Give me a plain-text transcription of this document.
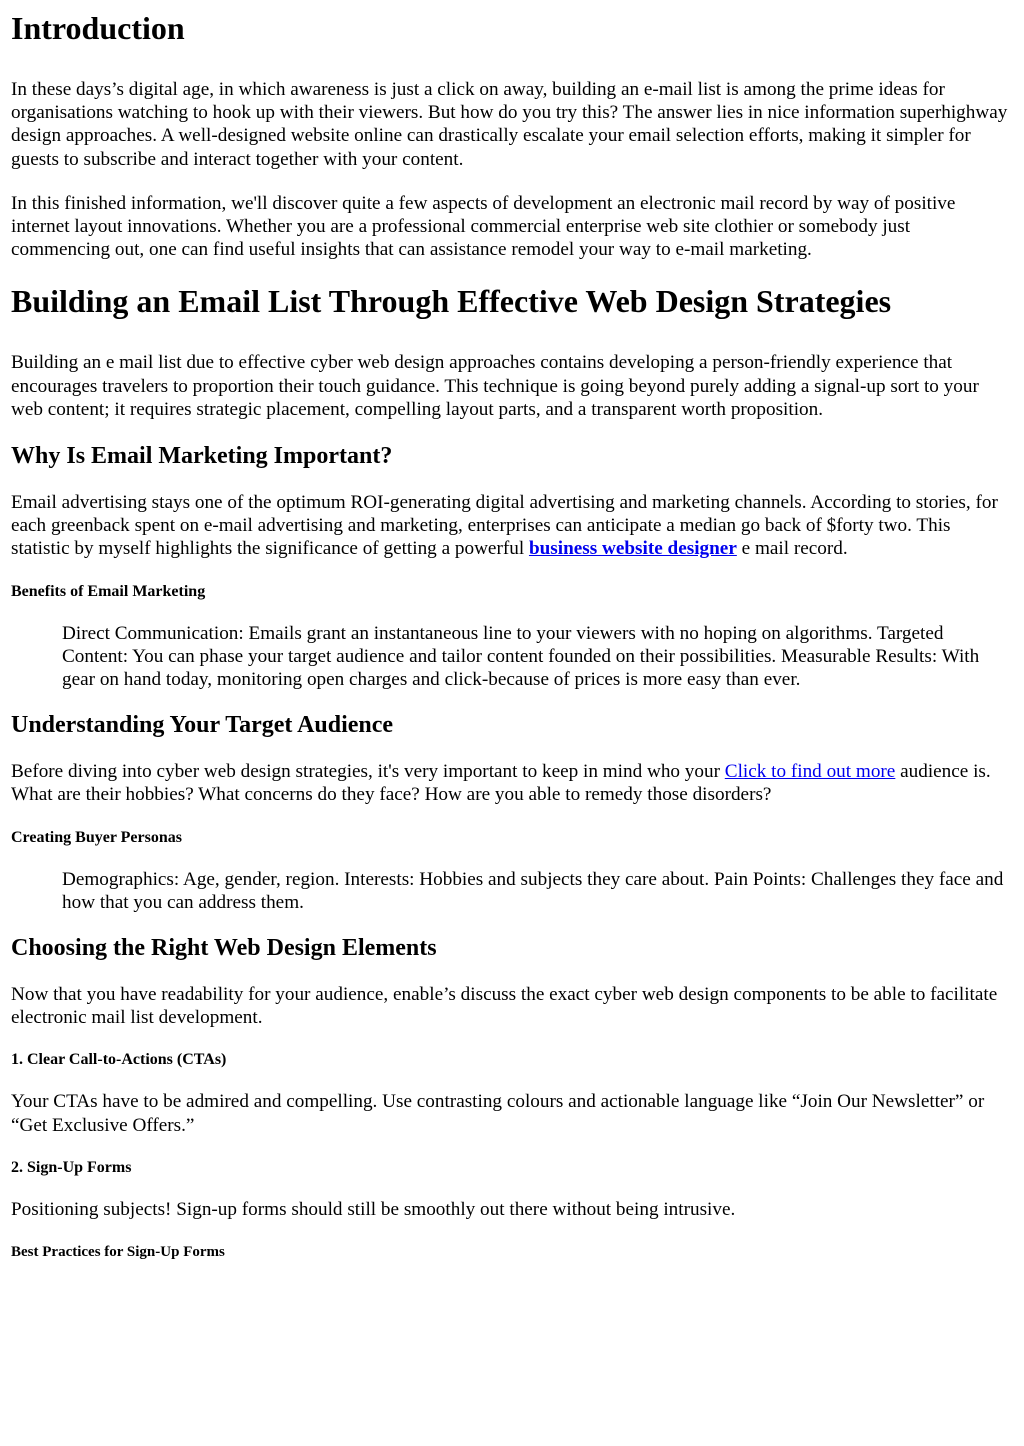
Introduction

In these days’s digital age, in which awareness is just a click on away, building an e-mail list is among the prime ideas for organisations watching to hook up with their viewers. But how do you try this? The answer lies in nice information superhighway design approaches. A well-designed website online can drastically escalate your email selection efforts, making it simpler for guests to subscribe and interact together with your content.

In this finished information, we'll discover quite a few aspects of development an electronic mail record by way of positive internet layout innovations. Whether you are a professional commercial enterprise web site clothier or somebody just commencing out, one can find useful insights that can assistance remodel your way to e-mail marketing.

Building an Email List Through Effective Web Design Strategies

Building an e mail list due to effective cyber web design approaches contains developing a person-friendly experience that encourages travelers to proportion their touch guidance. This technique is going beyond purely adding a signal-up sort to your web content; it requires strategic placement, compelling layout parts, and a transparent worth proposition.

Why Is Email Marketing Important?

Email advertising stays one of the optimum ROI-generating digital advertising and marketing channels. According to stories, for each greenback spent on e-mail advertising and marketing, enterprises can anticipate a median go back of $forty two. This statistic by myself highlights the significance of getting a powerful business website designer e mail record.

Benefits of Email Marketing

Direct Communication: Emails grant an instantaneous line to your viewers with no hoping on algorithms. Targeted Content: You can phase your target audience and tailor content founded on their possibilities. Measurable Results: With gear on hand today, monitoring open charges and click-because of prices is more easy than ever.

Understanding Your Target Audience

Before diving into cyber web design strategies, it's very important to keep in mind who your Click to find out more audience is. What are their hobbies? What concerns do they face? How are you able to remedy those disorders?

Creating Buyer Personas

Demographics: Age, gender, region. Interests: Hobbies and subjects they care about. Pain Points: Challenges they face and how that you can address them.

Choosing the Right Web Design Elements

Now that you have readability for your audience, enable’s discuss the exact cyber web design components to be able to facilitate electronic mail list development.

1. Clear Call-to-Actions (CTAs)

Your CTAs have to be admired and compelling. Use contrasting colours and actionable language like “Join Our Newsletter” or “Get Exclusive Offers.”

2. Sign-Up Forms

Positioning subjects! Sign-up forms should still be smoothly out there without being intrusive.

Best Practices for Sign-Up Forms
